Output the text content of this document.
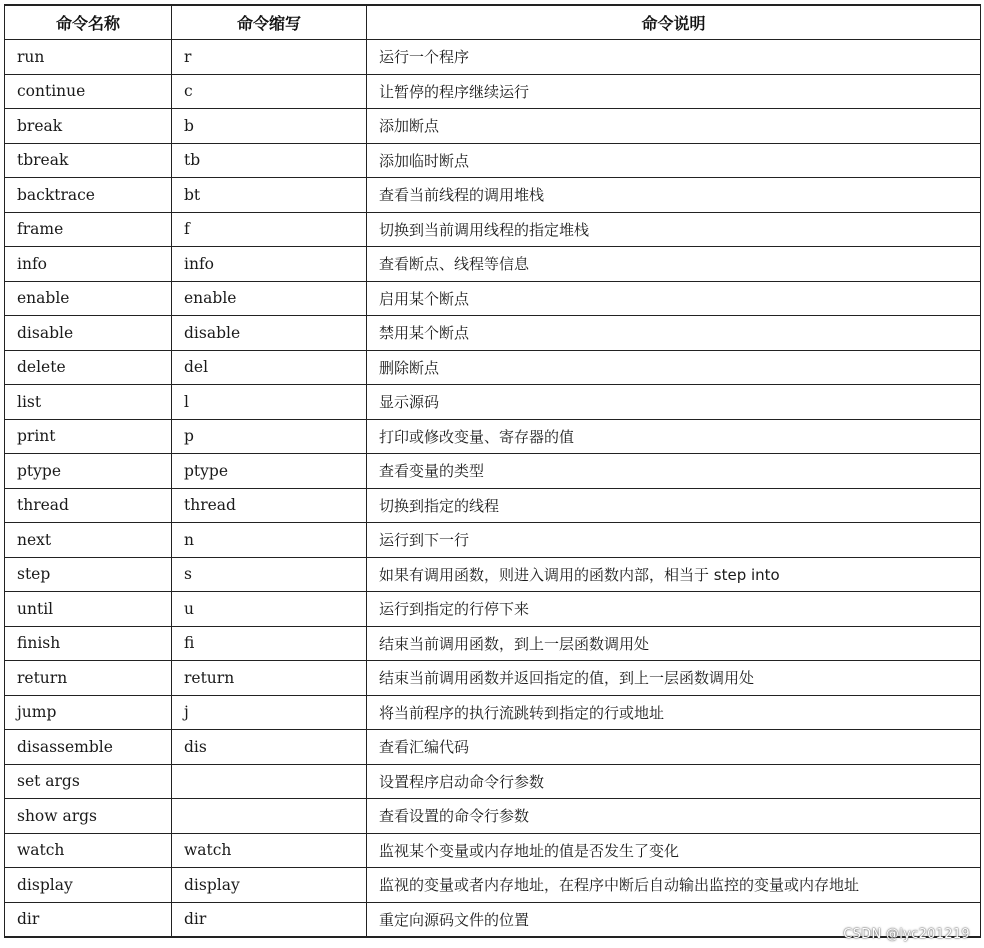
命令名称	命令缩写	命令说明
run	r	运行一个程序
continue	c	让暂停的程序继续运行
break	b	添加断点
tbreak	tb	添加临时断点
backtrace	bt	查看当前线程的调用堆栈
frame	f	切换到当前调用线程的指定堆栈
info	info	查看断点、线程等信息
enable	enable	启用某个断点
disable	disable	禁用某个断点
delete	del	删除断点
list	l	显示源码
print	p	打印或修改变量、寄存器的值
ptype	ptype	查看变量的类型
thread	thread	切换到指定的线程
next	n	运行到下一行
step	s	如果有调用函数，则进入调用的函数内部，相当于 step into
until	u	运行到指定的行停下来
finish	fi	结束当前调用函数，到上一层函数调用处
return	return	结束当前调用函数并返回指定的值，到上一层函数调用处
jump	j	将当前程序的执行流跳转到指定的行或地址
disassemble	dis	查看汇编代码
set args		设置程序启动命令行参数
show args		查看设置的命令行参数
watch	watch	监视某个变量或内存地址的值是否发生了变化
display	display	监视的变量或者内存地址，在程序中断后自动输出监控的变量或内存地址
dir	dir	重定向源码文件的位置
CSDN @lyc201219
